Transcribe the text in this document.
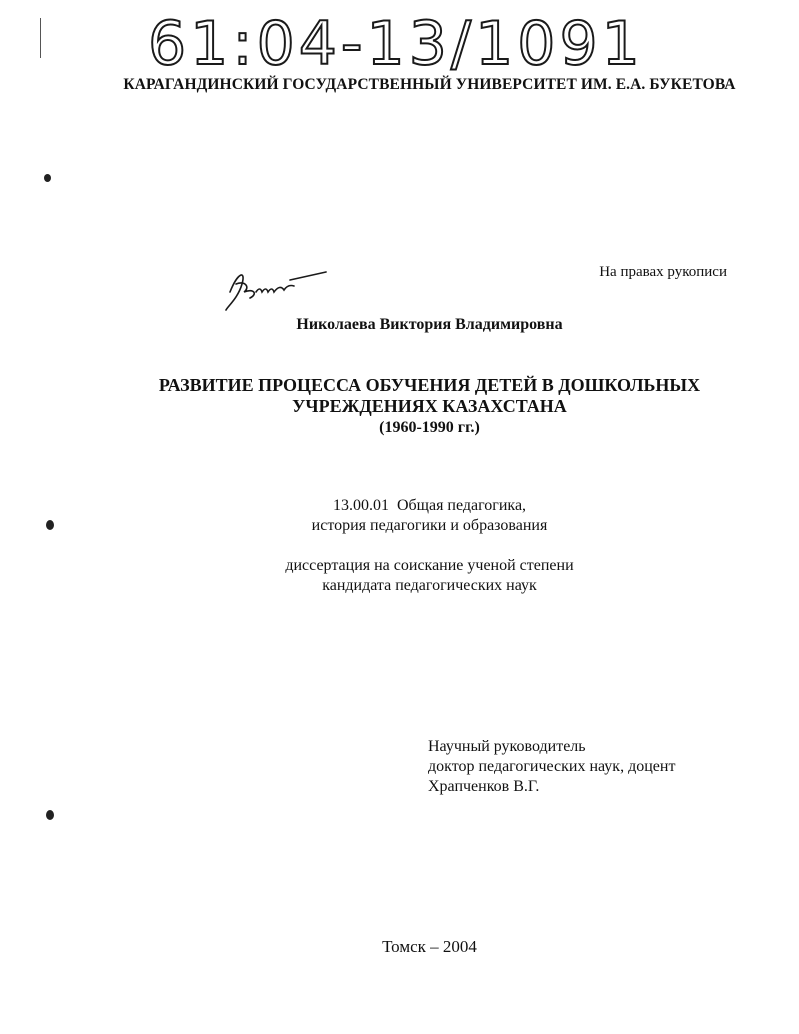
61:04-13/1091
КАРАГАНДИНСКИЙ ГОСУДАРСТВЕННЫЙ УНИВЕРСИТЕТ ИМ. Е.А. БУКЕТОВА
На правах рукописи
Николаева Виктория Владимировна
РАЗВИТИЕ ПРОЦЕССА ОБУЧЕНИЯ ДЕТЕЙ В ДОШКОЛЬНЫХ
УЧРЕЖДЕНИЯХ КАЗАХСТАНА
(1960-1990 гг.)
13.00.01  Общая педагогика,
история педагогики и образования
диссертация на соискание ученой степени
кандидата педагогических наук
Научный руководитель
доктор педагогических наук, доцент
Храпченков В.Г.
Томск – 2004
